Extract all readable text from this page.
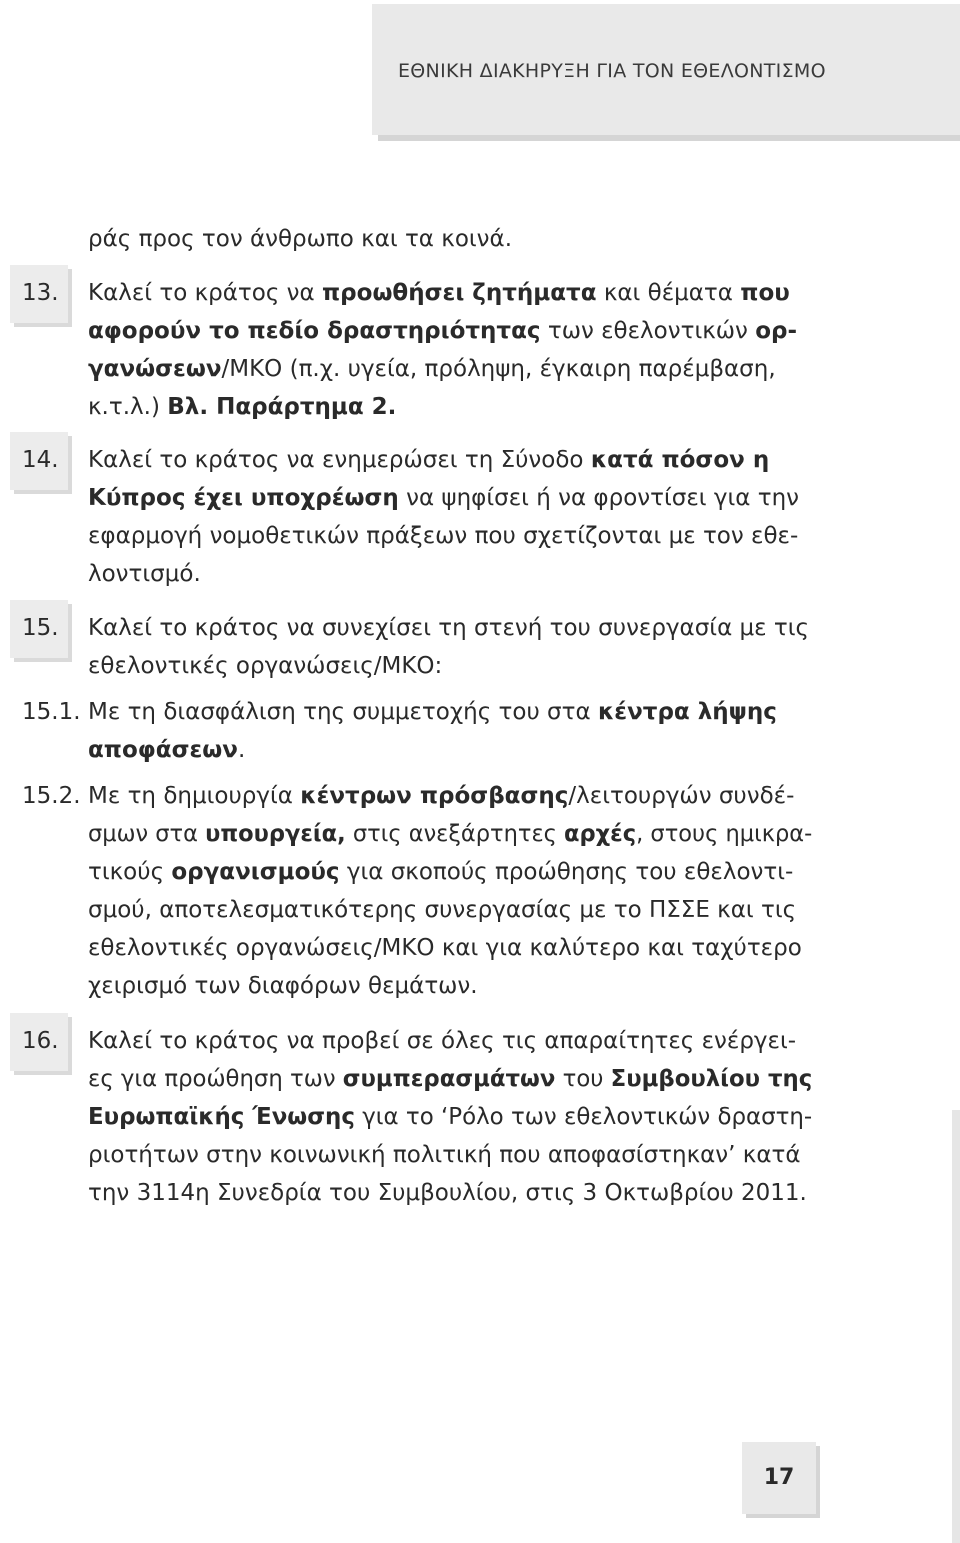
ΕΘΝΙΚΗ ΔΙΑΚΗΡΥΞΗ ΓΙΑ ΤΟΝ ΕΘΕΛΟΝΤΙΣΜΟ
ράς προς τον άνθρωπο και τα κοινά.
13. Καλεί το κράτος να προωθήσει ζητήματα και θέματα που
αφορούν το πεδίο δραστηριότητας των εθελοντικών ορ-
γανώσεων/ΜΚΟ (π.χ. υγεία, πρόληψη, έγκαιρη παρέμβαση,
κ.τ.λ.) Βλ. Παράρτημα 2.
14. Καλεί το κράτος να ενημερώσει τη Σύνοδο κατά πόσον η
Κύπρος έχει υποχρέωση να ψηφίσει ή να φροντίσει για την
εφαρμογή νομοθετικών πράξεων που σχετίζονται με τον εθε-
λοντισμό.
15. Καλεί το κράτος να συνεχίσει τη στενή του συνεργασία με τις
εθελοντικές οργανώσεις/ΜΚΟ:
15.1. Με τη διασφάλιση της συμμετοχής του στα κέντρα λήψης
αποφάσεων.
15.2. Με τη δημιουργία κέντρων πρόσβασης/λειτουργών συνδέ-
σμων στα υπουργεία, στις ανεξάρτητες αρχές, στους ημικρα-
τικούς οργανισμούς για σκοπούς προώθησης του εθελοντι-
σμού, αποτελεσματικότερης συνεργασίας με το ΠΣΣΕ και τις
εθελοντικές οργανώσεις/ΜΚΟ και για καλύτερο και ταχύτερο
χειρισμό των διαφόρων θεμάτων.
16. Καλεί το κράτος να προβεί σε όλες τις απαραίτητες ενέργει-
ες για προώθηση των συμπερασμάτων του Συμβουλίου της
Ευρωπαϊκής Ένωσης για το ‘Ρόλο των εθελοντικών δραστη-
ριοτήτων στην κοινωνική πολιτική που αποφασίστηκαν’ κατά
την 3114η Συνεδρία του Συμβουλίου, στις 3 Οκτωβρίου 2011.
17
